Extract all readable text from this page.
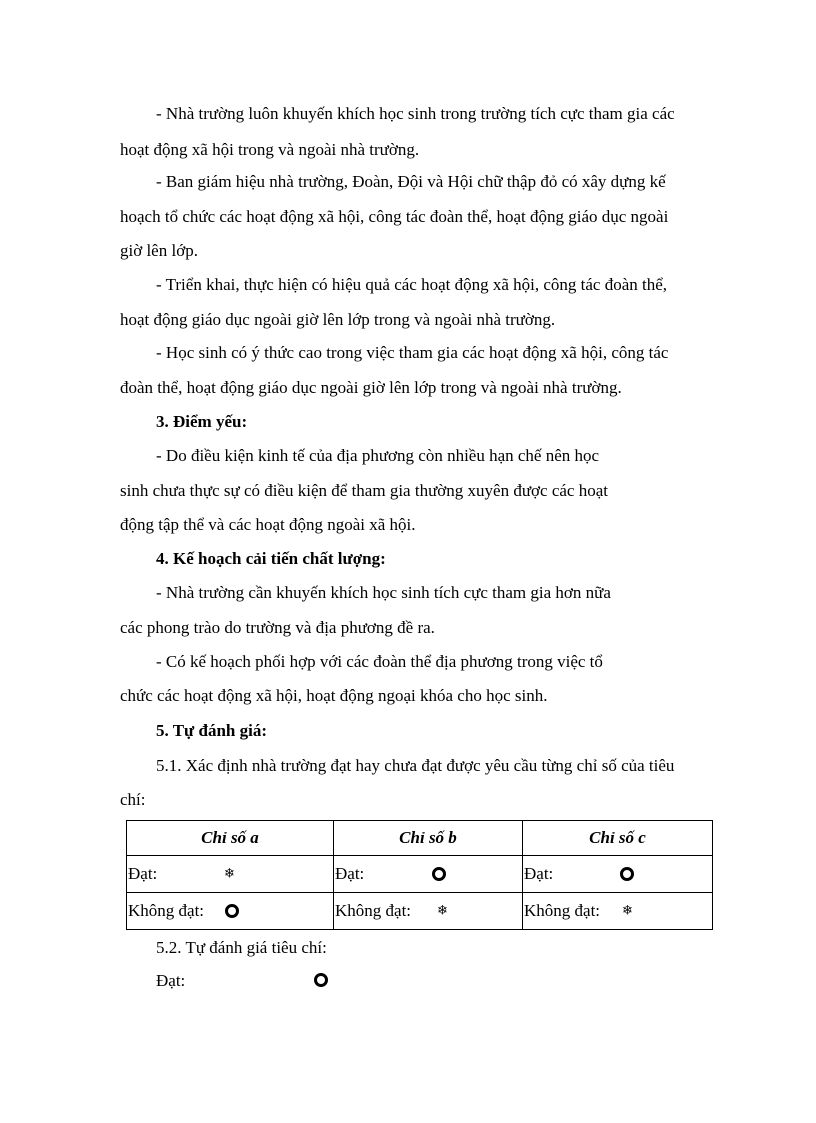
- Nhà trường luôn khuyến khích học sinh trong trường tích cực tham gia các
hoạt động xã hội trong và ngoài nhà trường.
- Ban giám hiệu nhà trường, Đoàn, Đội và Hội chữ thập đỏ có xây dựng kế
hoạch tổ chức các hoạt động xã hội, công tác đoàn thể, hoạt động giáo dục ngoài
giờ lên lớp.
- Triển khai, thực hiện có hiệu quả các hoạt động xã hội, công tác đoàn thể,
hoạt động giáo dục ngoài giờ lên lớp trong và ngoài nhà trường.
- Học sinh có ý thức cao trong việc tham gia các hoạt động xã hội, công tác
đoàn thể, hoạt động giáo dục ngoài giờ lên lớp trong và ngoài nhà trường.
3. Điểm yếu:
- Do điều kiện kinh tế của địa phương còn nhiều hạn chế nên học
sinh chưa thực sự có điều kiện để tham gia thường xuyên được các hoạt
động tập thể và các hoạt động ngoài xã hội.
4. Kế hoạch cải tiến chất lượng:
- Nhà trường cần khuyến khích học sinh tích cực tham gia hơn nữa
các phong trào do trường và địa phương đề ra.
- Có kế hoạch phối hợp với các đoàn thể địa phương trong việc tổ
chức các hoạt động xã hội, hoạt động ngoại khóa cho học sinh.
5. Tự đánh giá:
5.1. Xác định nhà trường đạt hay chưa đạt được yêu cầu từng chỉ số của tiêu
chí:
Chỉ số a	Chỉ số b	Chỉ số c

Đạt: ❄	Đạt:	Đạt:

Không đạt:	Không đạt: ❄	Không đạt: ❄
5.2. Tự đánh giá tiêu chí:
Đạt:
